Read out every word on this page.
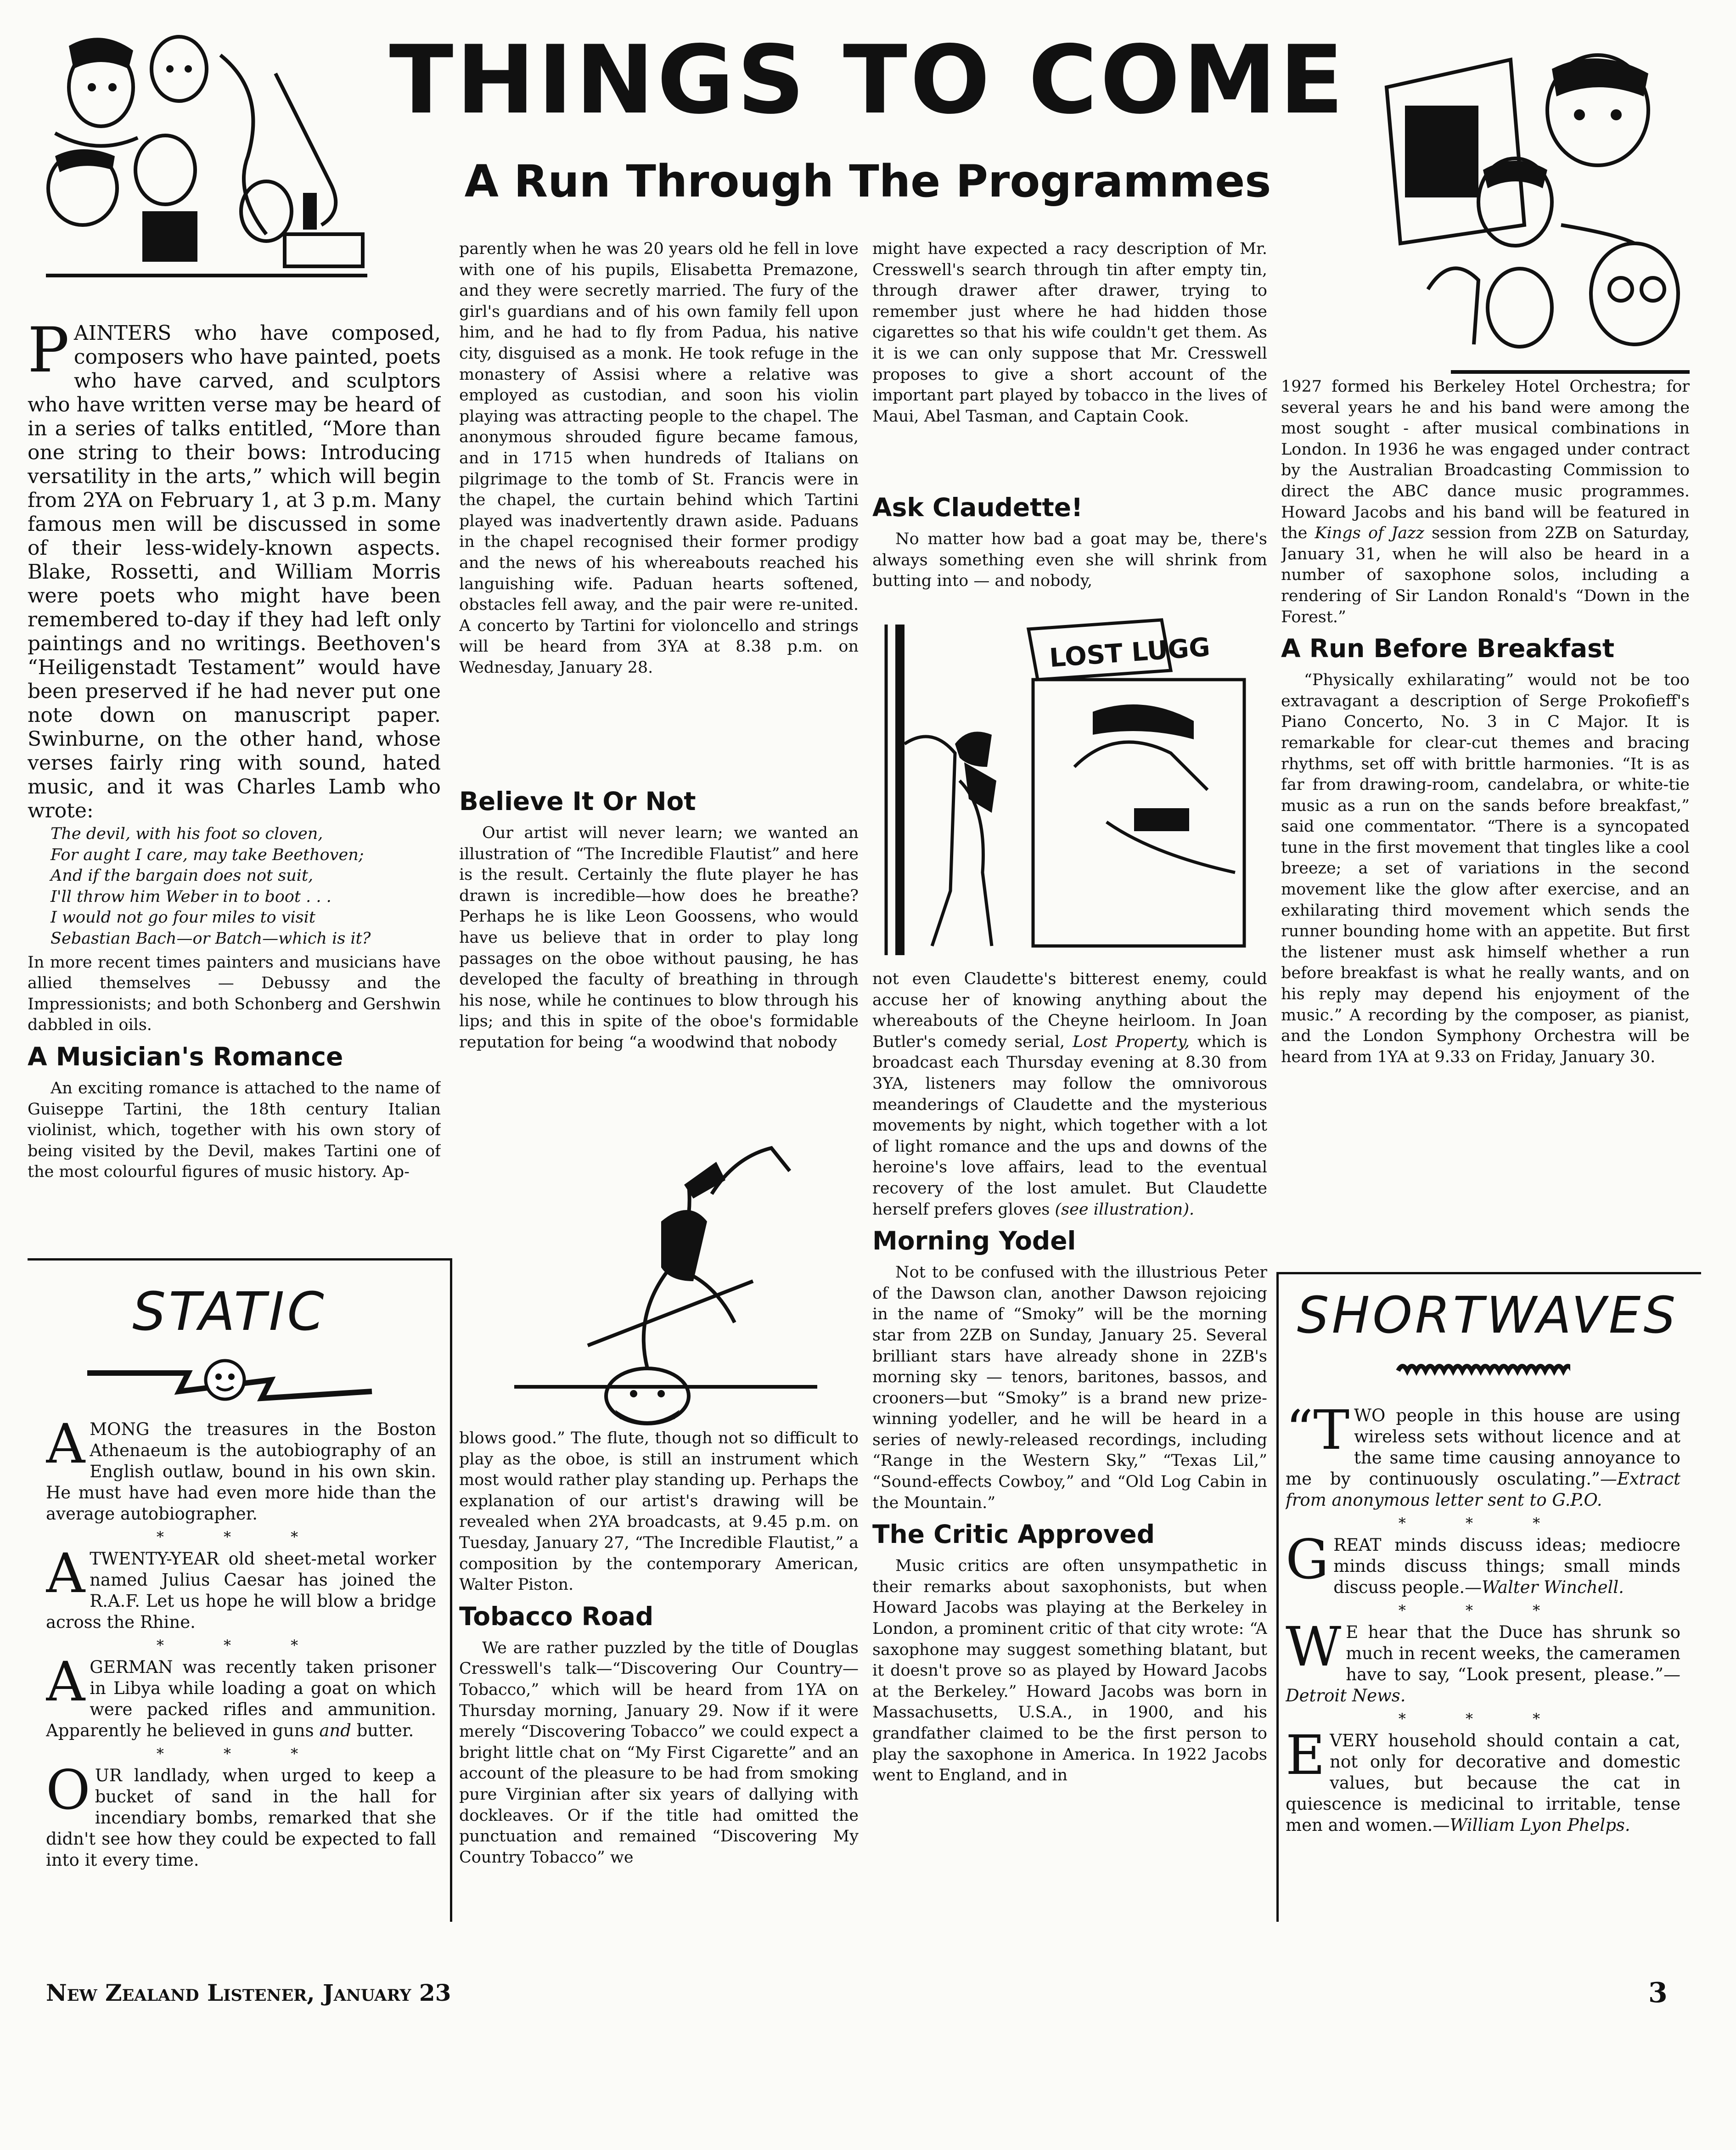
THINGS TO COME
A Run Through The Programmes
P AINTERS who have composed, composers who have painted, poets who have carved, and sculptors who have written verse may be heard of in a series of talks entitled, “More than one string to their bows: Introducing versatility in the arts,” which will begin from 2YA on February 1, at 3 p.m. Many famous men will be discussed in some of their less-widely-known aspects. Blake, Rossetti, and William Morris were poets who might have been remembered to-day if they had left only paintings and no writings. Beethoven's “Heiligenstadt Testament” would have been preserved if he had never put one note down on manuscript paper. Swinburne, on the other hand, whose verses fairly ring with sound, hated music, and it was Charles Lamb who wrote:
The devil, with his foot so cloven,
For aught I care, may take Beethoven;
And if the bargain does not suit,
I'll throw him Weber in to boot . . .
I would not go four miles to visit
Sebastian Bach—or Batch—which is it?

In more recent times painters and musicians have allied themselves — Debussy and the Impressionists; and both Schonberg and Gershwin dabbled in oils.

A Musician's Romance

An exciting romance is attached to the name of Guiseppe Tartini, the 18th century Italian violinist, which, together with his own story of being visited by the Devil, makes Tartini one of the most colourful figures of music history. Ap-

STATIC
AMONG the treasures in the Boston Athenaeum is the autobiography of an English outlaw, bound in his own skin. He must have had even more hide than the average autobiographer.
* * *
ATWENTY-YEAR old sheet-metal worker named Julius Caesar has joined the R.A.F. Let us hope he will blow a bridge across the Rhine.
* * *
AGERMAN was recently taken prisoner in Libya while loading a goat on which were packed rifles and ammunition. Apparently he believed in guns and butter.
* * *
OUR landlady, when urged to keep a bucket of sand in the hall for incendiary bombs, remarked that she didn't see how they could be expected to fall into it every time.

parently when he was 20 years old he fell in love with one of his pupils, Elisabetta Premazone, and they were secretly married. The fury of the girl's guardians and of his own family fell upon him, and he had to fly from Padua, his native city, disguised as a monk. He took refuge in the monastery of Assisi where a relative was employed as custodian, and soon his violin playing was attracting people to the chapel. The anonymous shrouded figure became famous, and in 1715 when hundreds of Italians on pilgrimage to the tomb of St. Francis were in the chapel, the curtain behind which Tartini played was inadvertently drawn aside. Paduans in the chapel recognised their former prodigy and the news of his whereabouts reached his languishing wife. Paduan hearts softened, obstacles fell away, and the pair were re-united. A concerto by Tartini for violoncello and strings will be heard from 3YA at 8.38 p.m. on Wednesday, January 28.

Believe It Or Not

Our artist will never learn; we wanted an illustration of “The Incredible Flautist” and here is the result. Certainly the flute player he has drawn is incredible—how does he breathe? Perhaps he is like Leon Goossens, who would have us believe that in order to play long passages on the oboe without pausing, he has developed the faculty of breathing in through his nose, while he continues to blow through his lips; and this in spite of the oboe's formidable reputation for being “a woodwind that nobody

blows good.” The flute, though not so difficult to play as the oboe, is still an instrument which most would rather play standing up. Perhaps the explanation of our artist's drawing will be revealed when 2YA broadcasts, at 9.45 p.m. on Tuesday, January 27, “The Incredible Flautist,” a composition by the contemporary American, Walter Piston.

Tobacco Road

We are rather puzzled by the title of Douglas Cresswell's talk—“Discovering Our Country—Tobacco,” which will be heard from 1YA on Thursday morning, January 29. Now if it were merely “Discovering Tobacco” we could expect a bright little chat on “My First Cigarette” and an account of the pleasure to be had from smoking pure Virginian after six years of dallying with dockleaves. Or if the title had omitted the punctuation and remained “Discovering My Country Tobacco” we

might have expected a racy description of Mr. Cresswell's search through tin after empty tin, through drawer after drawer, trying to remember just where he had hidden those cigarettes so that his wife couldn't get them. As it is we can only suppose that Mr. Cresswell proposes to give a short account of the important part played by tobacco in the lives of Maui, Abel Tasman, and Captain Cook.

Ask Claudette!

No matter how bad a goat may be, there's always something even she will shrink from butting into — and nobody,

LOST LUGG

not even Claudette's bitterest enemy, could accuse her of knowing anything about the whereabouts of the Cheyne heirloom. In Joan Butler's comedy serial, Lost Property, which is broadcast each Thursday evening at 8.30 from 3YA, listeners may follow the omnivorous meanderings of Claudette and the mysterious movements by night, which together with a lot of light romance and the ups and downs of the heroine's love affairs, lead to the eventual recovery of the lost amulet. But Claudette herself prefers gloves (see illustration).

Morning Yodel

Not to be confused with the illustrious Peter of the Dawson clan, another Dawson rejoicing in the name of “Smoky” will be the morning star from 2ZB on Sunday, January 25. Several brilliant stars have already shone in 2ZB's morning sky — tenors, baritones, bassos, and crooners—but “Smoky” is a brand new prize-winning yodeller, and he will be heard in a series of newly-released recordings, including “Range in the Western Sky,” “Texas Lil,” “Sound-effects Cowboy,” and “Old Log Cabin in the Mountain.”

The Critic Approved

Music critics are often unsympathetic in their remarks about saxophonists, but when Howard Jacobs was playing at the Berkeley in London, a prominent critic of that city wrote: “A saxophone may suggest something blatant, but it doesn't prove so as played by Howard Jacobs at the Berkeley.” Howard Jacobs was born in Massachusetts, U.S.A., in 1900, and his grandfather claimed to be the first person to play the saxophone in America. In 1922 Jacobs went to England, and in

1927 formed his Berkeley Hotel Orchestra; for several years he and his band were among the most sought - after musical combinations in London. In 1936 he was engaged under contract by the Australian Broadcasting Commission to direct the ABC dance music programmes. Howard Jacobs and his band will be featured in the Kings of Jazz session from 2ZB on Saturday, January 31, when he will also be heard in a number of saxophone solos, including a rendering of Sir Landon Ronald's “Down in the Forest.”

A Run Before Breakfast

“Physically exhilarating” would not be too extravagant a description of Serge Prokofieff's Piano Concerto, No. 3 in C Major. It is remarkable for clear-cut themes and bracing rhythms, set off with brittle harmonies. “It is as far from drawing-room, candelabra, or white-tie music as a run on the sands before breakfast,” said one commentator. “There is a syncopated tune in the first movement that tingles like a cool breeze; a set of variations in the second movement like the glow after exercise, and an exhilarating third movement which sends the runner bounding home with an appetite. But first the listener must ask himself whether a run before breakfast is what he really wants, and on his reply may depend his enjoyment of the music.” A recording by the composer, as pianist, and the London Symphony Orchestra will be heard from 1YA at 9.33 on Friday, January 30.

SHORTWAVES
“TWO people in this house are using wireless sets without licence and at the same time causing annoyance to me by continuously osculating.”—Extract from anonymous letter sent to G.P.O.
* * *
GREAT minds discuss ideas; mediocre minds discuss things; small minds discuss people.—Walter Winchell.
* * *
W E hear that the Duce has shrunk so much in recent weeks, the cameramen have to say, “Look present, please.”—Detroit News.
* * *
EVERY household should contain a cat, not only for decorative and domestic values, but because the cat in quiescence is medicinal to irritable, tense men and women.—William Lyon Phelps.
New Zealand Listener, January 23	3
